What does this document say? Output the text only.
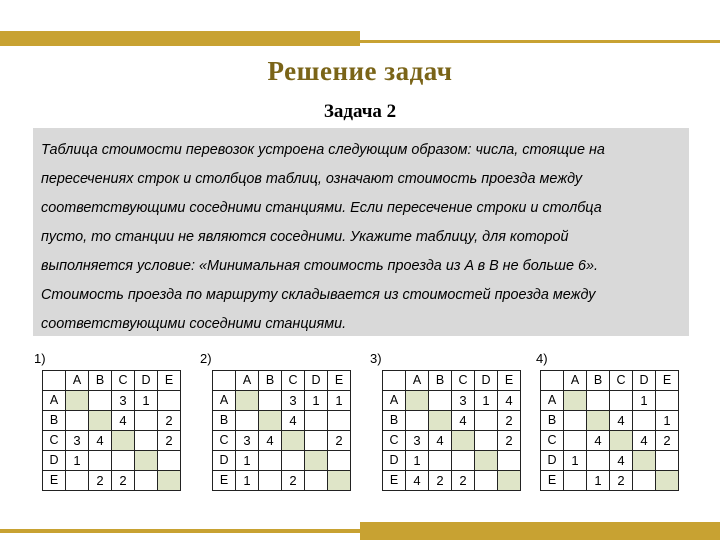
Решение задач
Задача 2
Таблица стоимости перевозок устроена следующим образом: числа, стоящие на
пересечениях строк и столбцов таблиц, означают стоимость проезда между
соответствующими соседними станциями. Если пересечение строки и столбца
пусто, то станции не являются соседними. Укажите таблицу, для которой
выполняется условие: «Минимальная стоимость проезда из A в B не больше 6».
Стоимость проезда по маршруту складывается из стоимостей проезда между
соответствующими соседними станциями.
1)	2)	3)	4)
	A	B	C	D	E
A			3	1	
B			4		2
C	3	4			2
D	1				
E		2	2		
	A	B	C	D	E
A			3	1	1
B			4		
C	3	4			2
D	1				
E	1		2		
	A	B	C	D	E
A			3	1	4
B			4		2
C	3	4			2
D	1				
E	4	2	2		
	A	B	C	D	E
A				1	
B			4		1
C		4		4	2
D	1		4		
E		1	2		
